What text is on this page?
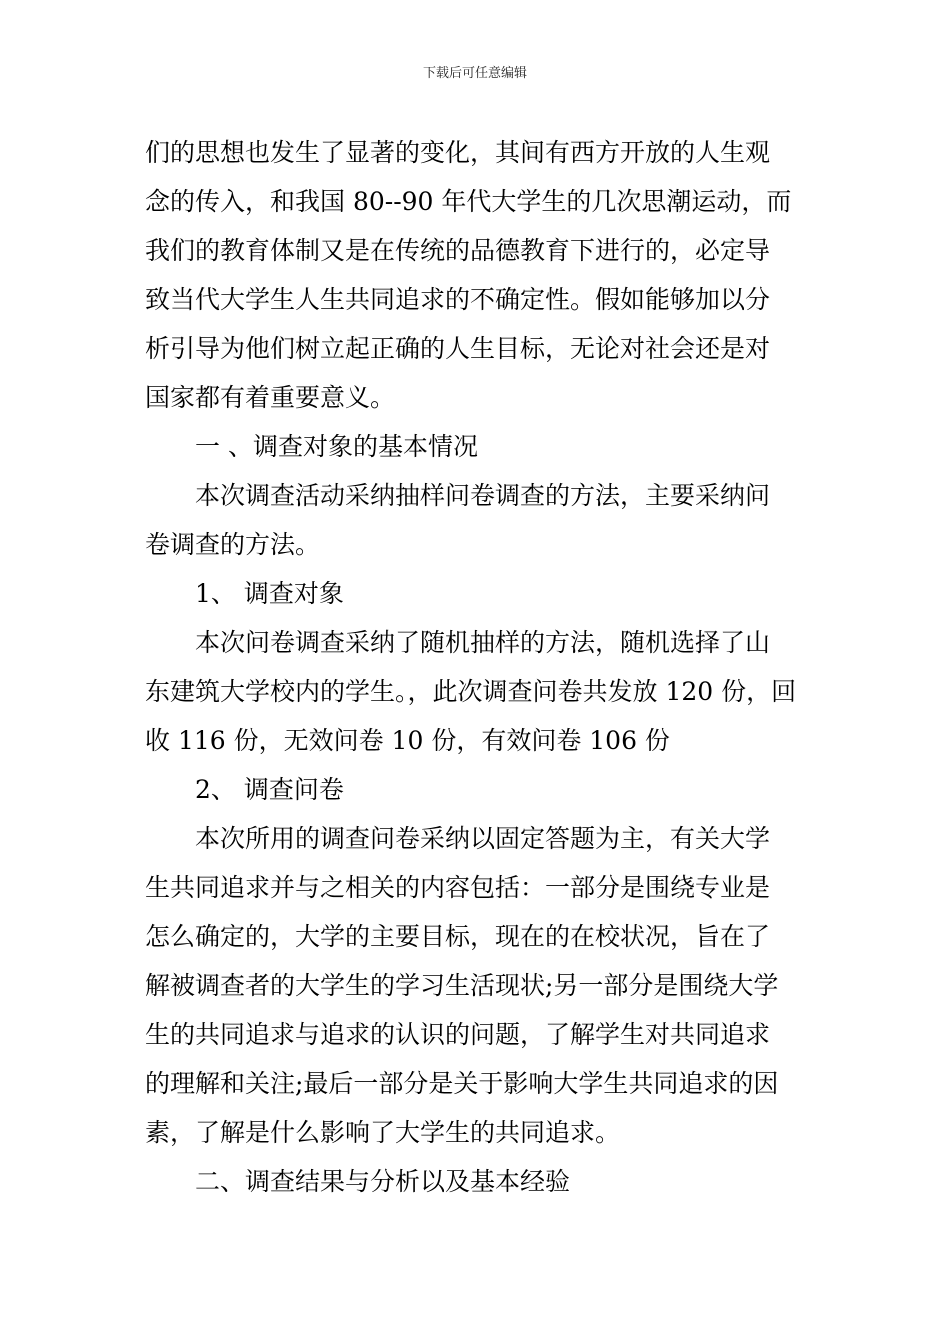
下载后可任意编辑
们的思想也发生了显著的变化，其间有西方开放的人生观
念的传入，和我国 80--90 年代大学生的几次思潮运动，而
我们的教育体制又是在传统的品德教育下进行的，必定导
致当代大学生人生共同追求的不确定性。假如能够加以分
析引导为他们树立起正确的人生目标，无论对社会还是对
国家都有着重要意义。
一 、调查对象的基本情况
本次调查活动采纳抽样问卷调查的方法，主要采纳问
卷调查的方法。
1、 调查对象
本次问卷调查采纳了随机抽样的方法，随机选择了山
东建筑大学校内的学生。，此次调查问卷共发放 120 份，回
收 116 份，无效问卷 10 份，有效问卷 106 份
2、 调查问卷
本次所用的调查问卷采纳以固定答题为主，有关大学
生共同追求并与之相关的内容包括：一部分是围绕专业是
怎么确定的，大学的主要目标，现在的在校状况，旨在了
解被调查者的大学生的学习生活现状;另一部分是围绕大学
生的共同追求与追求的认识的问题，了解学生对共同追求
的理解和关注;最后一部分是关于影响大学生共同追求的因
素，了解是什么影响了大学生的共同追求。
二、调查结果与分析以及基本经验
